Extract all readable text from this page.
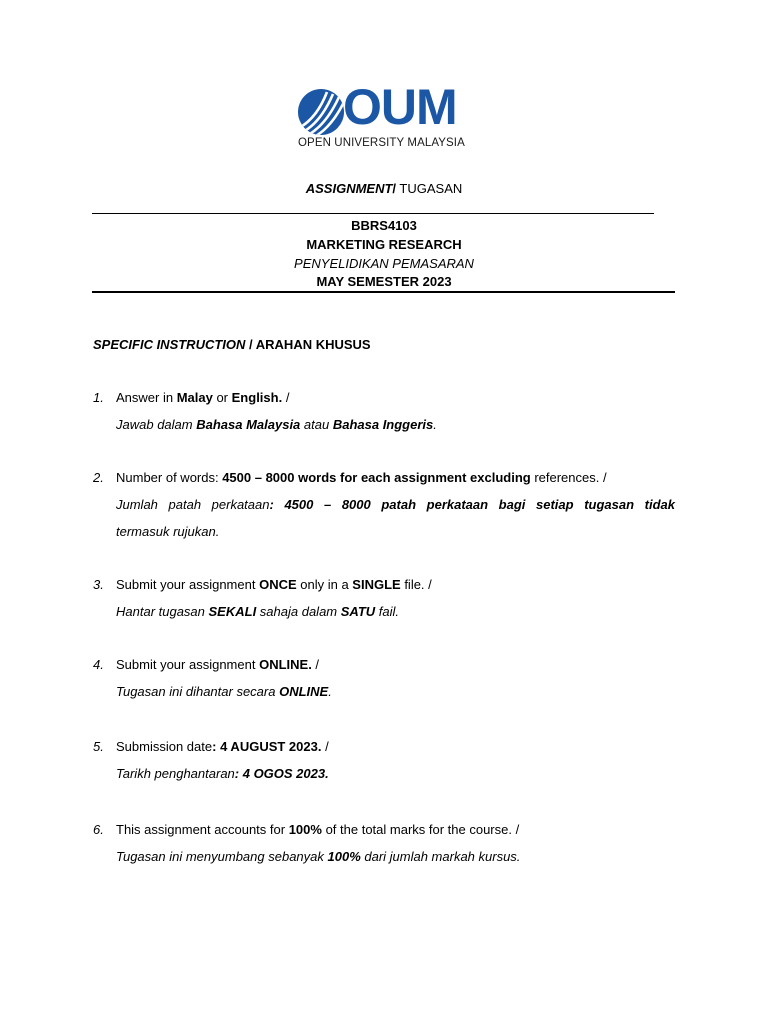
OUM
OPEN UNIVERSITY MALAYSIA
ASSIGNMENT/ TUGASAN
BBRS4103
MARKETING RESEARCH
PENYELIDIKAN PEMASARAN
MAY SEMESTER 2023
SPECIFIC INSTRUCTION / ARAHAN KHUSUS
1. Answer in Malay or English. /
Jawab dalam Bahasa Malaysia atau Bahasa Inggeris.
2. Number of words: 4500 – 8000 words for each assignment excluding references. /
Jumlah patah perkataan: 4500 – 8000 patah perkataan bagi setiap tugasan tidak
termasuk rujukan.
3. Submit your assignment ONCE only in a SINGLE file. /
Hantar tugasan SEKALI sahaja dalam SATU fail.
4. Submit your assignment ONLINE. /
Tugasan ini dihantar secara ONLINE.
5. Submission date: 4 AUGUST 2023. /
Tarikh penghantaran: 4 OGOS 2023.
6. This assignment accounts for 100% of the total marks for the course. /
Tugasan ini menyumbang sebanyak 100% dari jumlah markah kursus.
